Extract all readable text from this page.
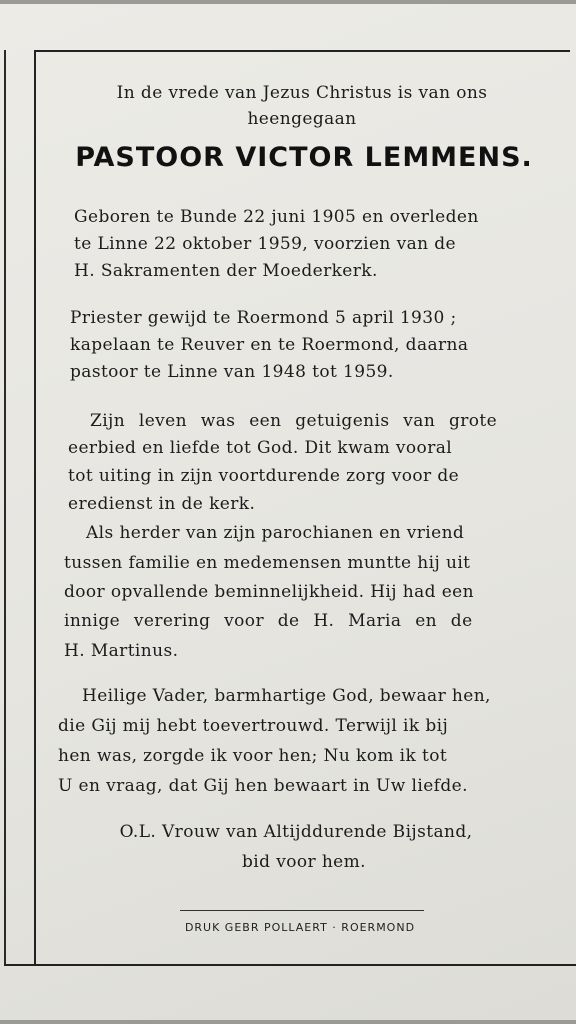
In de vrede van Jezus Christus is van ons
heengegaan
PASTOOR VICTOR LEMMENS.
Geboren te Bunde 22 juni 1905 en overleden
te Linne 22 oktober 1959, voorzien van de
H. Sakramenten der Moederkerk.
Priester gewijd te Roermond 5 april 1930 ;
kapelaan te Reuver en te Roermond, daarna
pastoor te Linne van 1948 tot 1959.
Zijn leven was een getuigenis van grote
eerbied en liefde tot God. Dit kwam vooral
tot uiting in zijn voortdurende zorg voor de
eredienst in de kerk.
Als herder van zijn parochianen en vriend
tussen familie en medemensen muntte hij uit
door opvallende beminnelijkheid. Hij had een
innige verering voor de H. Maria en de
H. Martinus.
Heilige Vader, barmhartige God, bewaar hen,
die Gij mij hebt toevertrouwd. Terwijl ik bij
hen was, zorgde ik voor hen; Nu kom ik tot
U en vraag, dat Gij hen bewaart in Uw liefde.
O.L. Vrouw van Altijddurende Bijstand,
bid voor hem.
DRUK GEBR POLLAERT · ROERMOND
